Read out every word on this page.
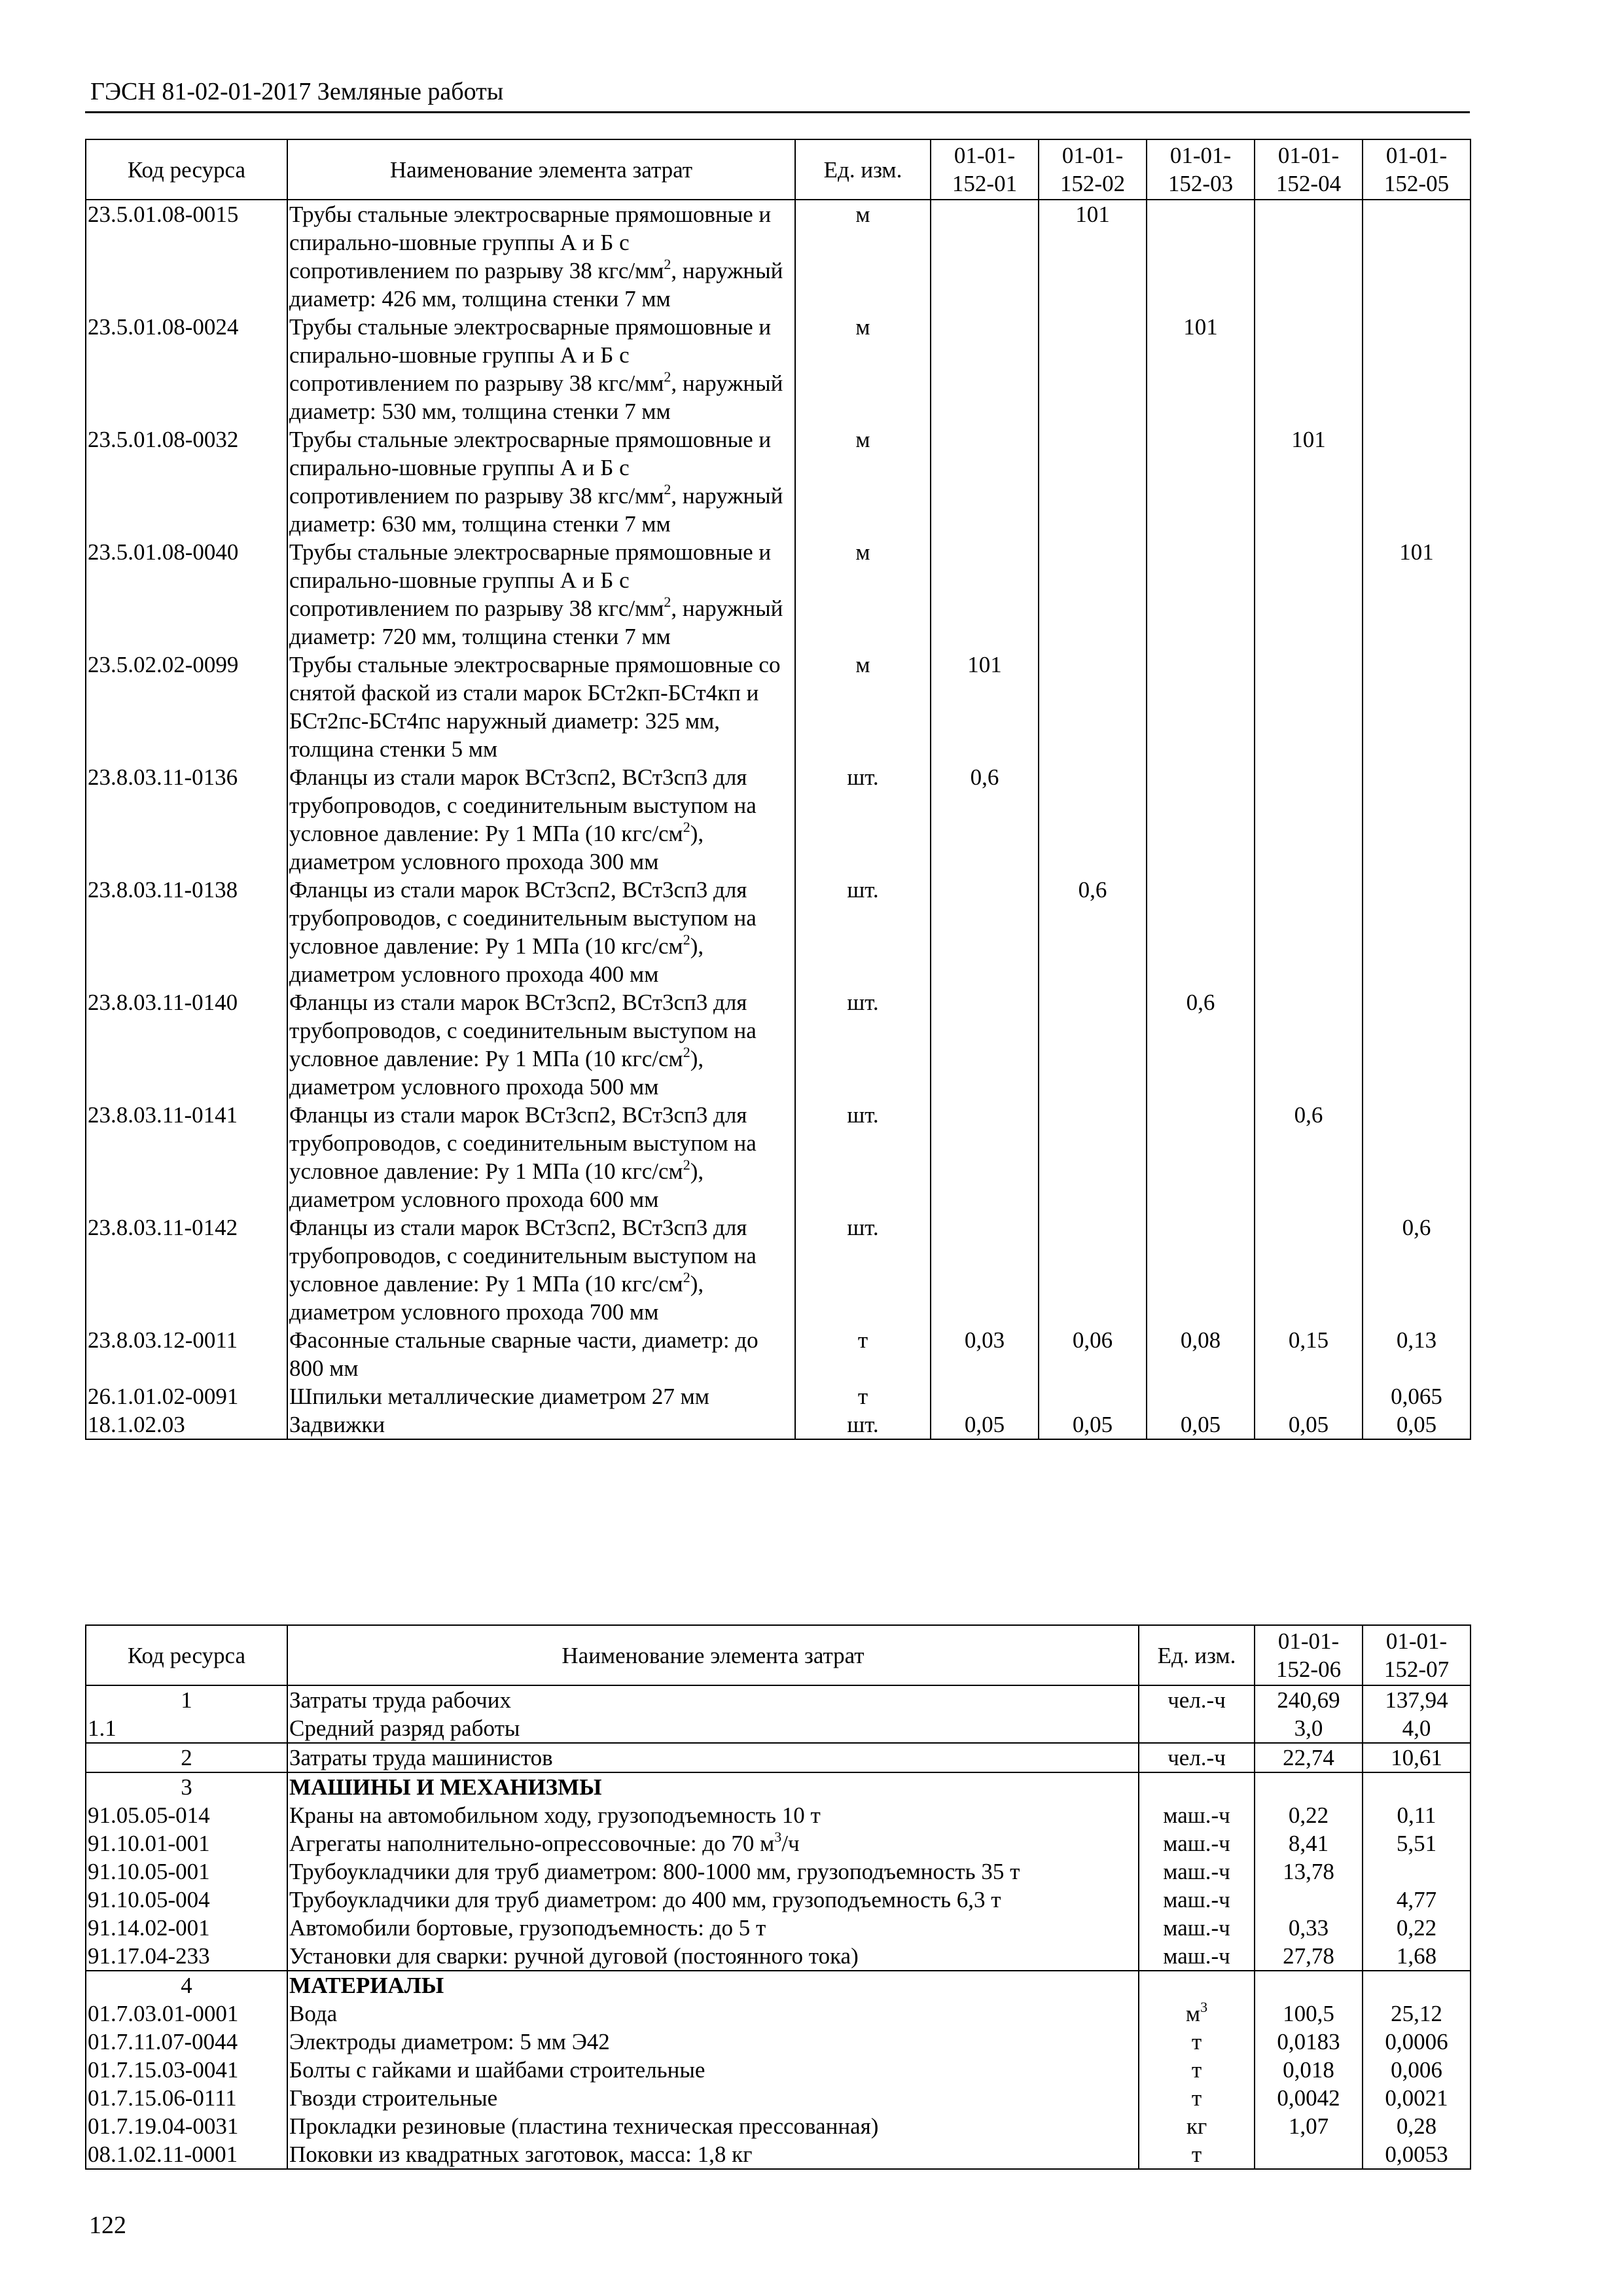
ГЭСН 81-02-01-2017 Земляные работы
Код ресурса	Наименование элемента затрат	Ед. изм.	01-01-152-01	01-01-152-02	01-01-152-03	01-01-152-04	01-01-152-05
23.5.01.08-0015	Трубы стальные электросварные прямошовные и спирально-шовные группы А и Б с сопротивлением по разрыву 38 кгс/$мм^2$, наружный диаметр: 426 мм, толщина стенки 7 мм	м		101			
23.5.01.08-0024	Трубы стальные электросварные прямошовные и спирально-шовные группы А и Б с сопротивлением по разрыву 38 кгс/$мм^2$, наружный диаметр: 530 мм, толщина стенки 7 мм	м			101		
23.5.01.08-0032	Трубы стальные электросварные прямошовные и спирально-шовные группы А и Б с сопротивлением по разрыву 38 кгс/$мм^2$, наружный диаметр: 630 мм, толщина стенки 7 мм	м				101	
23.5.01.08-0040	Трубы стальные электросварные прямошовные и спирально-шовные группы А и Б с сопротивлением по разрыву 38 кгс/$мм^2$, наружный диаметр: 720 мм, толщина стенки 7 мм	м					101
23.5.02.02-0099	Трубы стальные электросварные прямошовные со снятой фаской из стали марок БСт2кп-БСт4кп и БСт2пс-БСт4пс наружный диаметр: 325 мм, толщина стенки 5 мм	м	101				
23.8.03.11-0136	Фланцы из стали марок ВСт3сп2, ВСт3сп3 для трубопроводов, с соединительным выступом на условное давление: Ру 1 МПа (10 кгс/$см^2$), диаметром условного прохода 300 мм	шт.	0,6				
23.8.03.11-0138	Фланцы из стали марок ВСт3сп2, ВСт3сп3 для трубопроводов, с соединительным выступом на условное давление: Ру 1 МПа (10 кгс/$см^2$), диаметром условного прохода 400 мм	шт.		0,6			
23.8.03.11-0140	Фланцы из стали марок ВСт3сп2, ВСт3сп3 для трубопроводов, с соединительным выступом на условное давление: Ру 1 МПа (10 кгс/$см^2$), диаметром условного прохода 500 мм	шт.			0,6		
23.8.03.11-0141	Фланцы из стали марок ВСт3сп2, ВСт3сп3 для трубопроводов, с соединительным выступом на условное давление: Ру 1 МПа (10 кгс/$см^2$), диаметром условного прохода 600 мм	шт.				0,6	
23.8.03.11-0142	Фланцы из стали марок ВСт3сп2, ВСт3сп3 для трубопроводов, с соединительным выступом на условное давление: Ру 1 МПа (10 кгс/$см^2$), диаметром условного прохода 700 мм	шт.					0,6
23.8.03.12-0011	Фасонные стальные сварные части, диаметр: до 800 мм	т	0,03	0,06	0,08	0,15	0,13
26.1.01.02-0091	Шпильки металлические диаметром 27 мм	т					0,065
18.1.02.03	Задвижки	шт.	0,05	0,05	0,05	0,05	0,05
Код ресурса	Наименование элемента затрат	Ед. изм.	01-01-152-06	01-01-152-07
1	Затраты труда рабочих	чел.-ч	240,69	137,94
1.1	Средний разряд работы		3,0	4,0
2	Затраты труда машинистов	чел.-ч	22,74	10,61
3	МАШИНЫ И МЕХАНИЗМЫ			
91.05.05-014	Краны на автомобильном ходу, грузоподъемность 10 т	маш.-ч	0,22	0,11
91.10.01-001	Агрегаты наполнительно-опрессовочные: до 70 $м^3/ч$	маш.-ч	8,41	5,51
91.10.05-001	Трубоукладчики для труб диаметром: 800-1000 мм, грузоподъемность 35 т	маш.-ч	13,78	
91.10.05-004	Трубоукладчики для труб диаметром: до 400 мм, грузоподъемность 6,3 т	маш.-ч		4,77
91.14.02-001	Автомобили бортовые, грузоподъемность: до 5 т	маш.-ч	0,33	0,22
91.17.04-233	Установки для сварки: ручной дуговой (постоянного тока)	маш.-ч	27,78	1,68
4	МАТЕРИАЛЫ			
01.7.03.01-0001	Вода	$м^3$	100,5	25,12
01.7.11.07-0044	Электроды диаметром: 5 мм Э42	т	0,0183	0,0006
01.7.15.03-0041	Болты с гайками и шайбами строительные	т	0,018	0,006
01.7.15.06-0111	Гвозди строительные	т	0,0042	0,0021
01.7.19.04-0031	Прокладки резиновые (пластина техническая прессованная)	кг	1,07	0,28
08.1.02.11-0001	Поковки из квадратных заготовок, масса: 1,8 кг	т		0,0053
122
